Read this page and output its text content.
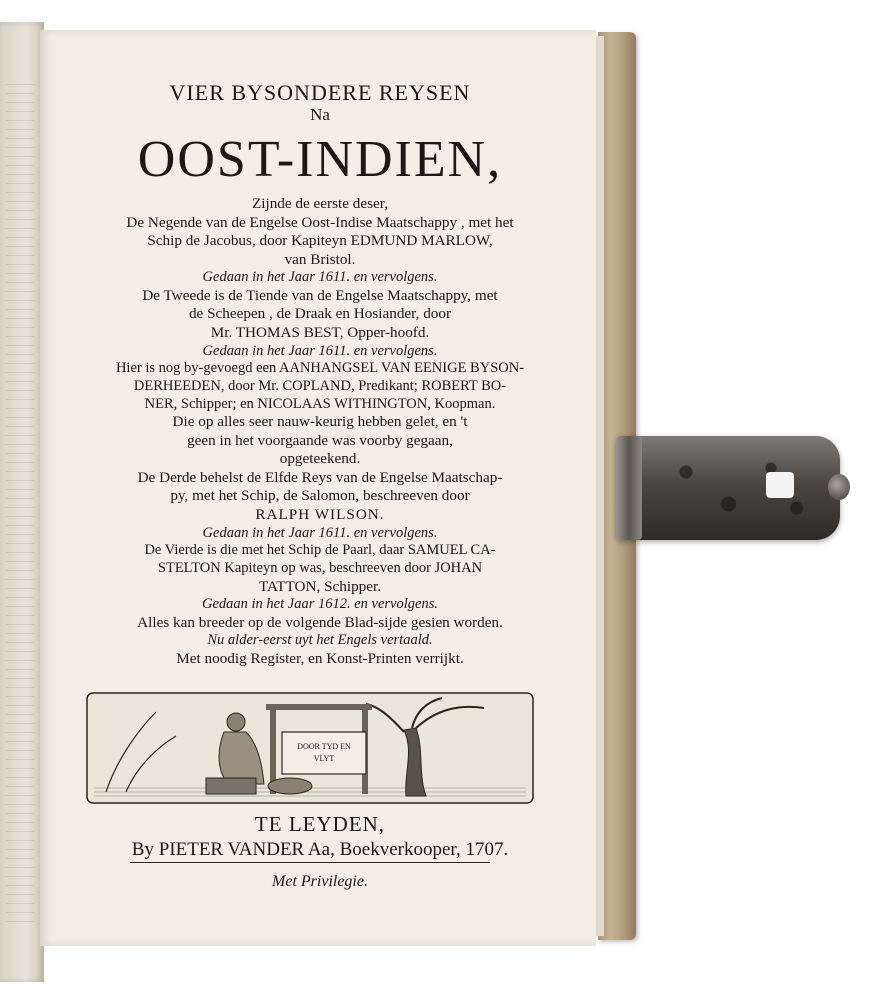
VIER BYSONDERE REYSEN
Na
OOST-INDIEN,
Zijnde de eerste deser,
De Negende van de Engelse Oost-Indise Maatschappy , met het
Schip de Jacobus, door Kapiteyn EDMUND MARLOW,
van Bristol.
Gedaan in het Jaar 1611. en vervolgens.
De Tweede is de Tiende van de Engelse Maatschappy, met
de Scheepen , de Draak en Hosiander, door
Mr. THOMAS BEST, Opper-hoofd.
Gedaan in het Jaar 1611. en vervolgens.
Hier is nog by-gevoegd een AANHANGSEL VAN EENIGE BYSON-
DERHEEDEN, door Mr. COPLAND, Predikant; ROBERT BO-
NER, Schipper; en NICOLAAS WITHINGTON, Koopman.
Die op alles seer nauw-keurig hebben gelet, en 't
geen in het voorgaande was voorby gegaan,
opgeteekend.
De Derde behelst de Elfde Reys van de Engelse Maatschap-
py, met het Schip, de Salomon, beschreeven door
RALPH WILSON.
Gedaan in het Jaar 1611. en vervolgens.
De Vierde is die met het Schip de Paarl, daar SAMUEL CA-
STELTON Kapiteyn op was, beschreeven door JOHAN
TATTON, Schipper.
Gedaan in het Jaar 1612. en vervolgens.
Alles kan breeder op de volgende Blad-sijde gesien worden.
Nu alder-eerst uyt het Engels vertaald.
Met noodig Register, en Konst-Printen verrijkt.
DOOR TYD EN
VLYT
TE LEYDEN,
By PIETER VANDER Aa, Boekverkooper, 1707.
Met Privilegie.
